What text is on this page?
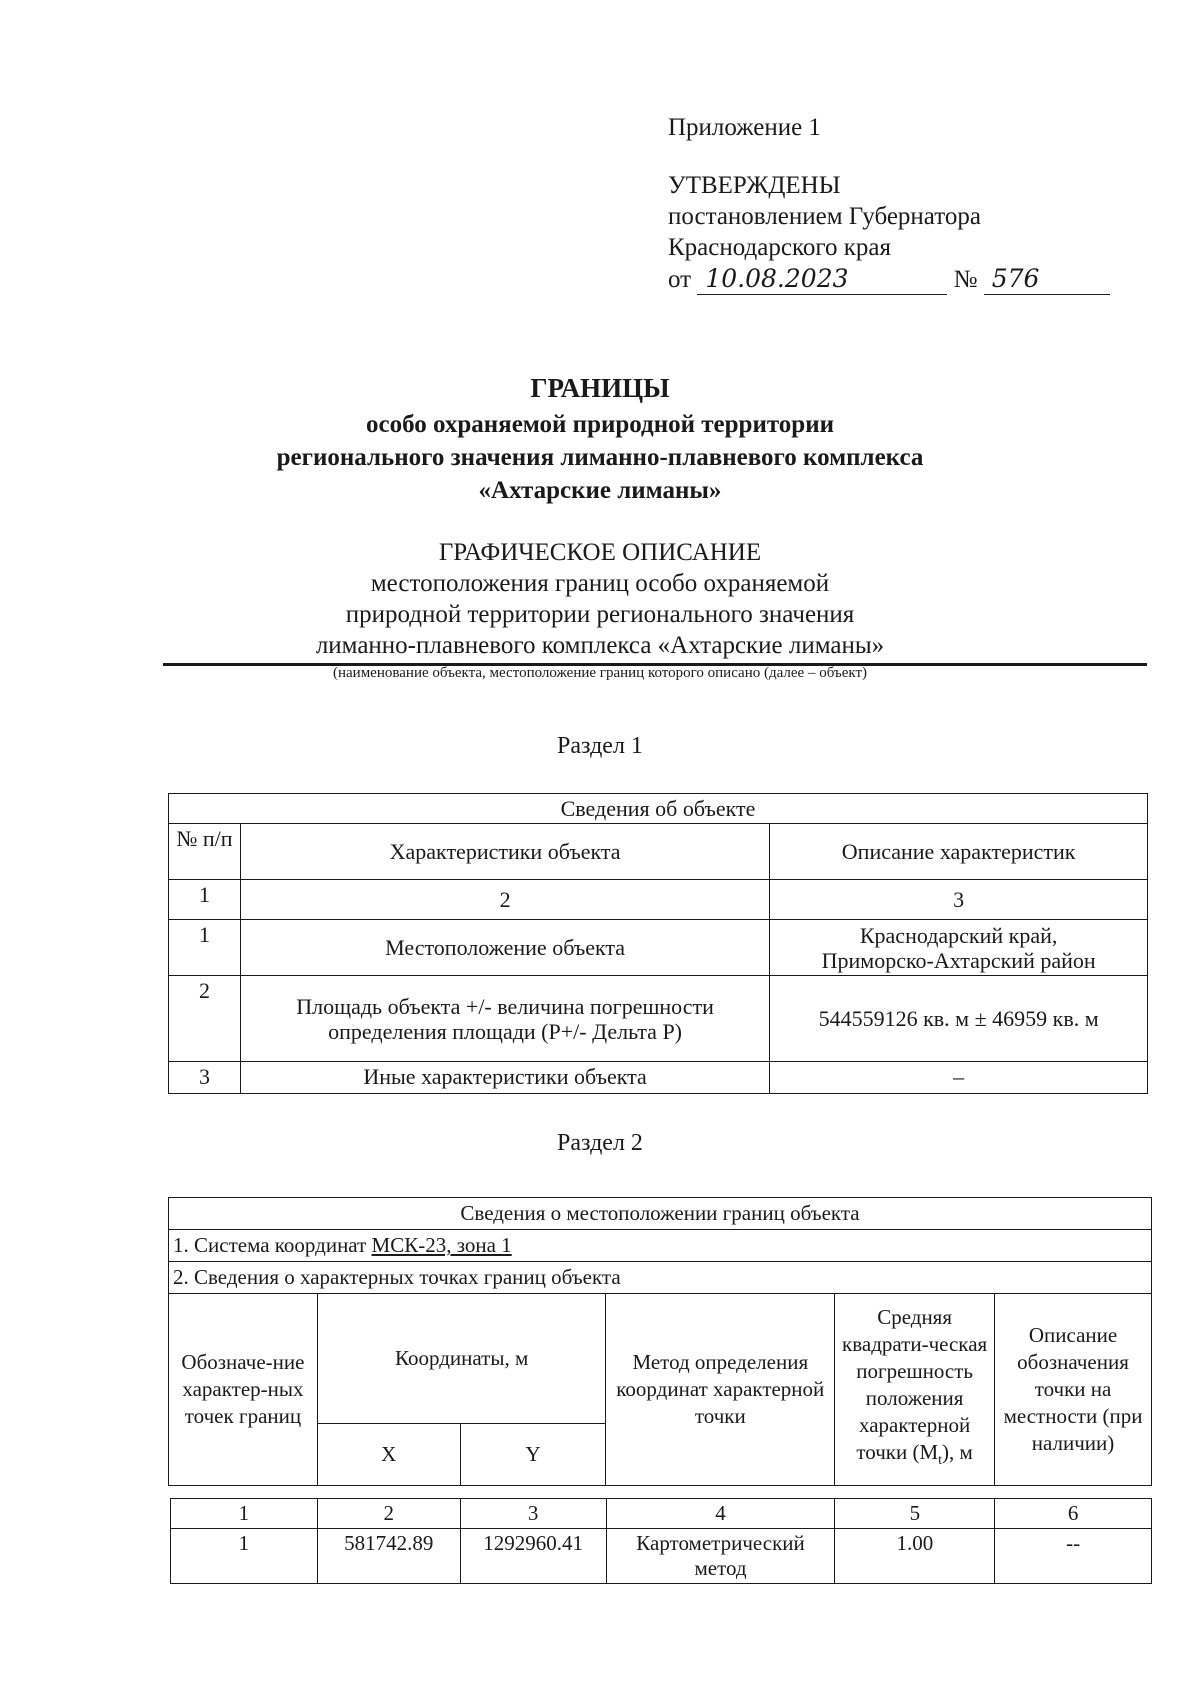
Приложение 1
УТВЕРЖДЕНЫ
постановлением Губернатора
Краснодарского края
от 10.08.2023	№ 576
ГРАНИЦЫ
особо охраняемой природной территории
регионального значения лиманно-плавневого комплекса
«Ахтарские лиманы»
ГРАФИЧЕСКОЕ ОПИСАНИЕ
местоположения границ особо охраняемой
природной территории регионального значения
лиманно-плавневого комплекса «Ахтарские лиманы»
(наименование объекта, местоположение границ которого описано (далее – объект)
Раздел 1
Сведения об объекте		
№ п/п	Характеристики объекта	Описание характеристик
1	2	3
1	Местоположение объекта	Краснодарский край, Приморско-Ахтарский район
2	Площадь объекта +/- величина погрешности определения площади (Р+/- Дельта Р)	544559126 кв. м ± 46959 кв. м
3	Иные характеристики объекта	–
Раздел 2
Сведения о местоположении границ объекта					
1. Система координат МСК-23, зона 1					
2. Сведения о характерных точках границ объекта					
Обозначе-ние характер-ных точек границ	Координаты, м		Метод определения координат характерной точки	Средняя квадрати-ческая погрешность положения характерной точки $(M_t)$, м	Описание обозначения точки на местности (при наличии)
	X	Y			
1	2	3	4	5	6
1	581742.89	1292960.41	Картометрический метод	1.00	--
